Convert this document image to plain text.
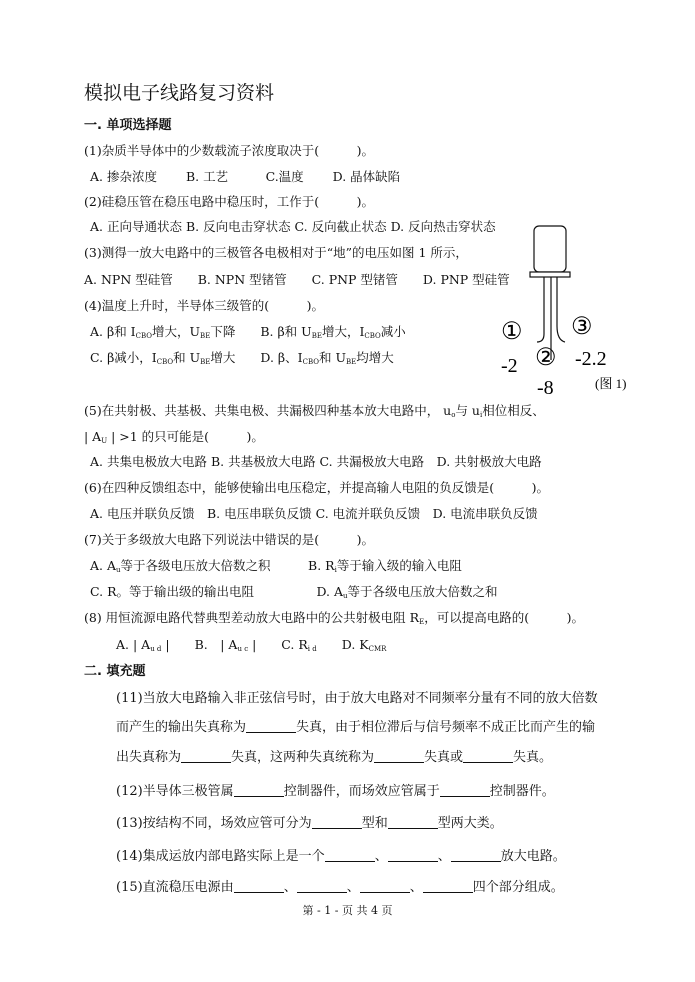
模拟电子线路复习资料
一. 单项选择题
(1)杂质半导体中的少数载流子浓度取决于(　　　)。
A. 掺杂浓度　　 B. 工艺　　　C.温度　　 D. 晶体缺陷
(2)硅稳压管在稳压电路中稳压时，工作于(　　　)。
A. 正向导通状态 B. 反向电击穿状态 C. 反向截止状态 D. 反向热击穿状态
(3)测得一放大电路中的三极管各电极相对于“地”的电压如图 1 所示，
A. NPN 型硅管　　B. NPN 型锗管　　C. PNP 型锗管　　D. PNP 型硅管
(4)温度上升时，半导体三级管的(　　　)。
A. β和 $I_{CBO}$增大，$U_{BE}$下降　　B. β和 $U_{BE}$增大，$I_{CBO}$减小
C. β减小，$I_{CBO}$和 $U_{BE}$增大　　D. β、$I_{CBO}$和 $U_{BE}$均增大
(5)在共射极、共基极、共集电极、共漏极四种基本放大电路中， $u_o$与 $u_i$相位相反、
| $A_U$ | >1 的只可能是(　　　)。
A. 共集电极放大电路 B. 共基极放大电路 C. 共漏极放大电路　D. 共射极放大电路
(6)在四种反馈组态中，能够使输出电压稳定，并提高输人电阻的负反馈是(　　　)。
A. 电压并联负反馈　B. 电压串联负反馈 C. 电流并联负反馈　D. 电流串联负反馈
(7)关于多级放大电路下列说法中错误的是(　　　)。
A. $A_u$等于各级电压放大倍数之积　　　B. $R_i$等于输入级的输入电阻
C. R。等于输出级的输出电阻　　　　　D. $A_u$等于各级电压放大倍数之和
(8) 用恒流源电路代替典型差动放大电路中的公共射极电阻 $R_E$，可以提高电路的(　　　)。
A. | $A_{u d}$ |　　B.　| $A_{u c}$ |　　C. $R_{i d}$　　D. $K_{CMR}$
二. 填充题
(11)当放大电路输入非正弦信号时，由于放大电路对不同频率分量有不同的放大倍数
而产生的输出失真称为	失真，由于相位滞后与信号频率不成正比而产生的输
出失真称为	失真，这两种失真统称为	失真或	失真。
(12)半导体三极管属	控制器件，而场效应管属于	控制器件。
(13)按结构不同，场效应管可分为	型和	型两大类。
(14)集成运放内部电路实际上是一个	、	、	放大电路。
(15)直流稳压电源由	、	、	、	四个部分组成。
①
②
③
-2
-8
-2.2
(图 1)
第 - 1 - 页 共 4 页
